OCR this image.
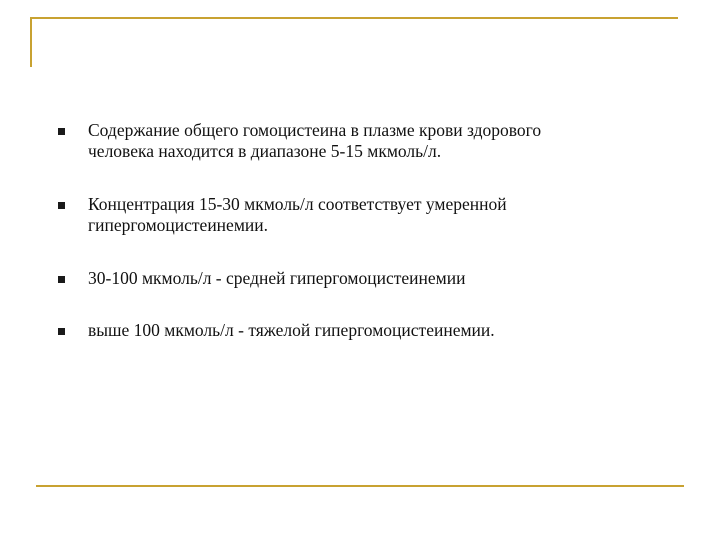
Содержание общего гомоцистеина в плазме крови здорового
человека находится в диапазоне 5-15 мкмоль/л.
Концентрация 15-30 мкмоль/л соответствует умеренной
гипергомоцистеинемии.
30-100 мкмоль/л - средней гипергомоцистеинемии
выше 100 мкмоль/л - тяжелой гипергомоцистеинемии.
